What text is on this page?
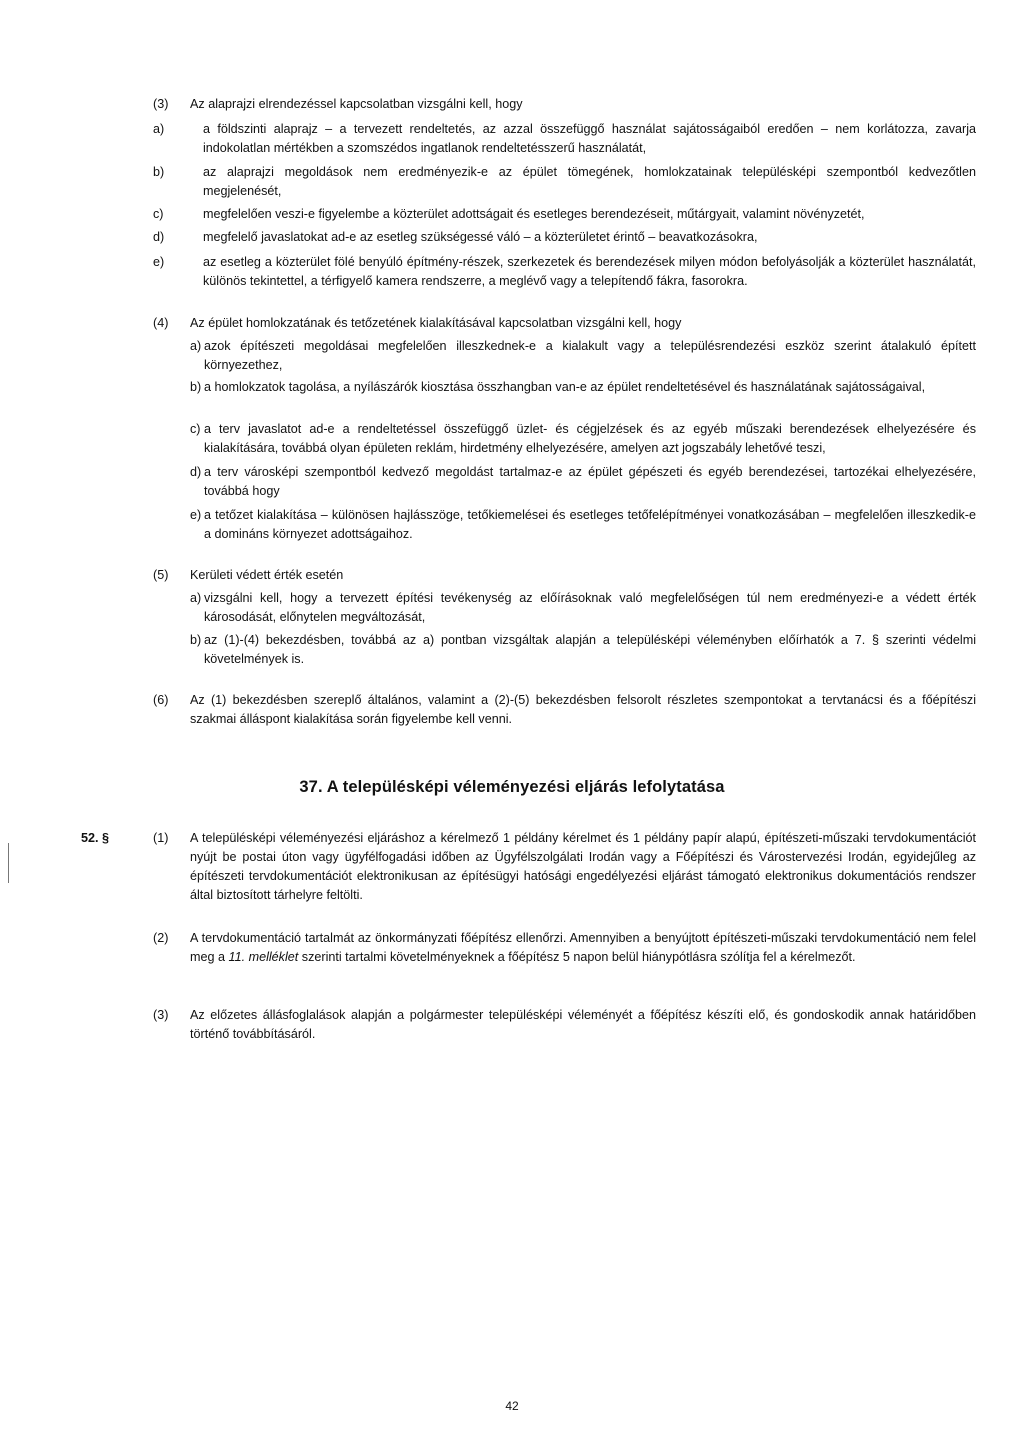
(3) Az alaprajzi elrendezéssel kapcsolatban vizsgálni kell, hogy
a)	a földszinti alaprajz – a tervezett rendeltetés, az azzal összefüggő használat sajátosságaiból eredően – nem korlátozza, zavarja indokolatlan mértékben a szomszédos ingatlanok rendeltetésszerű használatát,
b)	az alaprajzi megoldások nem eredményezik-e az épület tömegének, homlokzatainak településképi szempontból kedvezőtlen megjelenését,
c)	megfelelően veszi-e figyelembe a közterület adottságait és esetleges berendezéseit, műtárgyait, valamint növényzetét,
d)	megfelelő javaslatokat ad-e az esetleg szükségessé váló – a közterületet érintő – beavatkozásokra,
e)	az esetleg a közterület fölé benyúló építmény-részek, szerkezetek és berendezések milyen módon befolyásolják a közterület használatát, különös tekintettel, a térfigyelő kamera rendszerre, a meglévő vagy a telepítendő fákra, fasorokra.
(4) Az épület homlokzatának és tetőzetének kialakításával kapcsolatban vizsgálni kell, hogy
a) azok építészeti megoldásai megfelelően illeszkednek-e a kialakult vagy a településrendezési eszköz szerint átalakuló épített környezethez,
b) a homlokzatok tagolása, a nyílászárók kiosztása összhangban van-e az épület rendeltetésével és használatának sajátosságaival,
c) a terv javaslatot ad-e a rendeltetéssel összefüggő üzlet- és cégjelzések és az egyéb műszaki berendezések elhelyezésére és kialakítására, továbbá olyan épületen reklám, hirdetmény elhelyezésére, amelyen azt jogszabály lehetővé teszi,
d) a terv városképi szempontból kedvező megoldást tartalmaz-e az épület gépészeti és egyéb berendezései, tartozékai elhelyezésére, továbbá hogy
e) a tetőzet kialakítása – különösen hajlásszöge, tetőkiemelései és esetleges tetőfelépítményei vonatkozásában – megfelelően illeszkedik-e a domináns környezet adottságaihoz.
(5) Kerületi védett érték esetén
a) vizsgálni kell, hogy a tervezett építési tevékenység az előírásoknak való megfelelőségen túl nem eredményezi-e a védett érték károsodását, előnytelen megváltozását,
b) az (1)-(4) bekezdésben, továbbá az a) pontban vizsgáltak alapján a településképi véleményben előírhatók a 7. § szerinti védelmi követelmények is.
(6) Az (1) bekezdésben szereplő általános, valamint a (2)-(5) bekezdésben felsorolt részletes szempontokat a tervtanácsi és a főépítészi szakmai álláspont kialakítása során figyelembe kell venni.
37. A településképi véleményezési eljárás lefolytatása
52. §	(1) A településképi véleményezési eljáráshoz a kérelmező 1 példány kérelmet és 1 példány papír alapú, építészeti-műszaki tervdokumentációt nyújt be postai úton vagy ügyfélfogadási időben az Ügyfélszolgálati Irodán vagy a Főépítészi és Várostervezési Irodán, egyidejűleg az építészeti tervdokumentációt elektronikusan az építésügyi hatósági engedélyezési eljárást támogató elektronikus dokumentációs rendszer által biztosított tárhelyre feltölti.
(2) A tervdokumentáció tartalmát az önkormányzati főépítész ellenőrzi. Amennyiben a benyújtott építészeti-műszaki tervdokumentáció nem felel meg a 11. melléklet szerinti tartalmi követelményeknek a főépítész 5 napon belül hiánypótlásra szólítja fel a kérelmezőt.
(3) Az előzetes állásfoglalások alapján a polgármester településképi véleményét a főépítész készíti elő, és gondoskodik annak határidőben történő továbbításáról.
42
